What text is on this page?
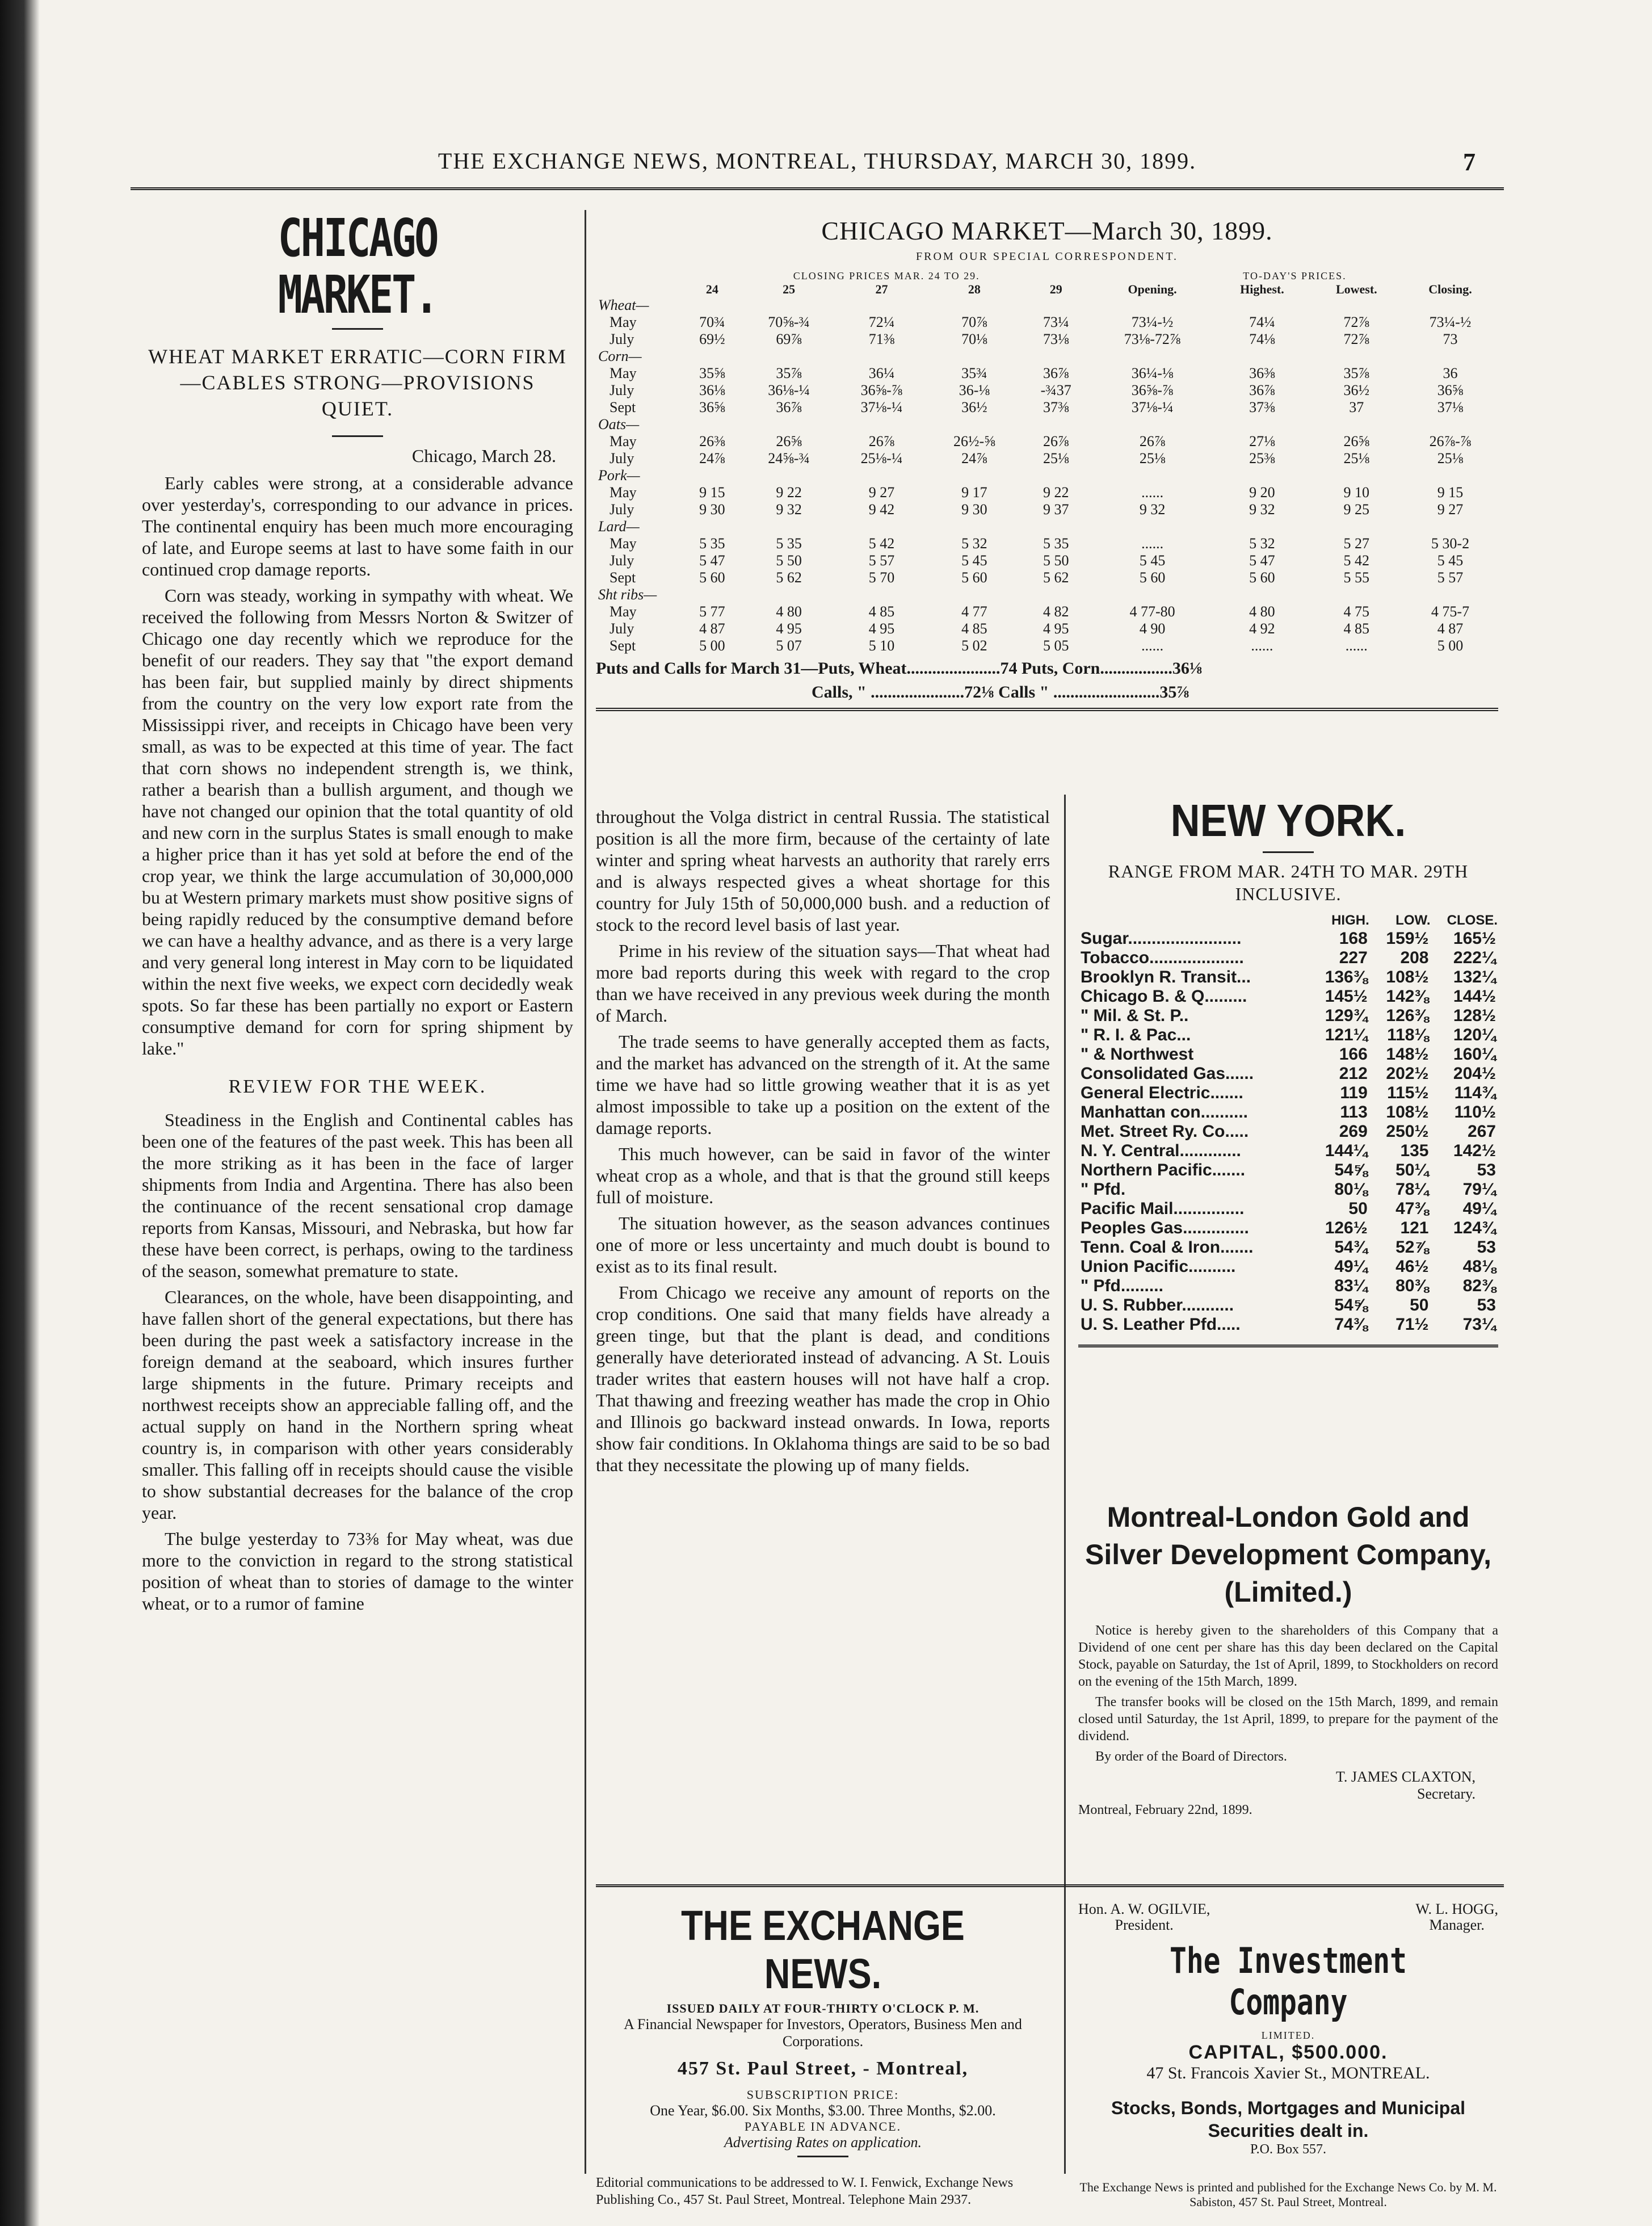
THE EXCHANGE NEWS, MONTREAL, THURSDAY, MARCH 30, 1899.	7
CHICAGO MARKET.
WHEAT MARKET ERRATIC—CORN FIRM—CABLES STRONG—PROVISIONS QUIET.
Chicago, March 28.

Early cables were strong, at a considerable advance over yesterday's, corresponding to our advance in prices. The continental enquiry has been much more encouraging of late, and Europe seems at last to have some faith in our continued crop damage reports.

Corn was steady, working in sympathy with wheat. We received the following from Messrs Norton & Switzer of Chicago one day recently which we reproduce for the benefit of our readers. They say that "the export demand has been fair, but supplied mainly by direct shipments from the country on the very low export rate from the Mississippi river, and receipts in Chicago have been very small, as was to be expected at this time of year. The fact that corn shows no independent strength is, we think, rather a bearish than a bullish argument, and though we have not changed our opinion that the total quantity of old and new corn in the surplus States is small enough to make a higher price than it has yet sold at before the end of the crop year, we think the large accumulation of 30,000,000 bu at Western primary markets must show positive signs of being rapidly reduced by the consumptive demand before we can have a healthy advance, and as there is a very large and very general long interest in May corn to be liquidated within the next five weeks, we expect corn decidedly weak spots. So far these has been partially no export or Eastern consumptive demand for corn for spring shipment by lake."

REVIEW FOR THE WEEK.

Steadiness in the English and Continental cables has been one of the features of the past week. This has been all the more striking as it has been in the face of larger shipments from India and Argentina. There has also been the continuance of the recent sensational crop damage reports from Kansas, Missouri, and Nebraska, but how far these have been correct, is perhaps, owing to the tardiness of the season, somewhat premature to state.

Clearances, on the whole, have been disappointing, and have fallen short of the general expectations, but there has been during the past week a satisfactory increase in the foreign demand at the seaboard, which insures further large shipments in the future. Primary receipts and northwest receipts show an appreciable falling off, and the actual supply on hand in the Northern spring wheat country is, in comparison with other years considerably smaller. This falling off in receipts should cause the visible to show substantial decreases for the balance of the crop year.

The bulge yesterday to 73⅜ for May wheat, was due more to the conviction in regard to the strong statistical position of wheat than to stories of damage to the winter wheat, or to a rumor of famine

CHICAGO MARKET—March 30, 1899.
FROM OUR SPECIAL CORRESPONDENT.
	CLOSING PRICES MAR. 24 TO 29.					TO-DAY'S PRICES.			
	24	25	27	28	29	Opening.	Highest.	Lowest.	Closing.
Wheat—									
May	70¾	70⅝-¾	72¼	70⅞	73¼	73¼-½	74¼	72⅞	73¼-½
July	69½	69⅞	71⅜	70⅛	73⅛	73⅛-72⅞	74⅛	72⅞	73
Corn—									
May	35⅝	35⅞	36¼	35¾	36⅞	36¼-⅛	36⅜	35⅞	36
July	36⅛	36⅛-¼	36⅝-⅞	36-⅛	-¾37	36⅝-⅞	36⅞	36½	36⅝
Sept	36⅝	36⅞	37⅛-¼	36½	37⅜	37⅛-¼	37⅜	37	37⅛
Oats—									
May	26⅜	26⅝	26⅞	26½-⅝	26⅞	26⅞	27⅛	26⅝	26⅞-⅞
July	24⅞	24⅝-¾	25⅛-¼	24⅞	25⅛	25⅛	25⅜	25⅛	25⅛
Pork—									
May	9 15	9 22	9 27	9 17	9 22	......	9 20	9 10	9 15
July	9 30	9 32	9 42	9 30	9 37	9 32	9 32	9 25	9 27
Lard—									
May	5 35	5 35	5 42	5 32	5 35	......	5 32	5 27	5 30-2
July	5 47	5 50	5 57	5 45	5 50	5 45	5 47	5 42	5 45
Sept	5 60	5 62	5 70	5 60	5 62	5 60	5 60	5 55	5 57
Sht ribs—									
May	5 77	4 80	4 85	4 77	4 82	4 77-80	4 80	4 75	4 75-7
July	4 87	4 95	4 95	4 85	4 95	4 90	4 92	4 85	4 87
Sept	5 00	5 07	5 10	5 02	5 05	......	......	......	5 00
Puts and Calls for March 31—Puts, Wheat......................74 Puts, Corn.................36⅛
Calls, " ......................72⅛ Calls " .........................35⅞

throughout the Volga district in central Russia. The statistical position is all the more firm, because of the certainty of late winter and spring wheat harvests an authority that rarely errs and is always respected gives a wheat shortage for this country for July 15th of 50,000,000 bush. and a reduction of stock to the record level basis of last year.

Prime in his review of the situation says—That wheat had more bad reports during this week with regard to the crop than we have received in any previous week during the month of March.

The trade seems to have generally accepted them as facts, and the market has advanced on the strength of it. At the same time we have had so little growing weather that it is as yet almost impossible to take up a position on the extent of the damage reports.

This much however, can be said in favor of the winter wheat crop as a whole, and that is that the ground still keeps full of moisture.

The situation however, as the season advances continues one of more or less uncertainty and much doubt is bound to exist as to its final result.

From Chicago we receive any amount of reports on the crop conditions. One said that many fields have already a green tinge, but that the plant is dead, and conditions generally have deteriorated instead of advancing. A St. Louis trader writes that eastern houses will not have half a crop. That thawing and freezing weather has made the crop in Ohio and Illinois go backward instead onwards. In Iowa, reports show fair conditions. In Oklahoma things are said to be so bad that they necessitate the plowing up of many fields.

NEW YORK.
RANGE FROM MAR. 24TH TO MAR. 29TH INCLUSIVE.
	HIGH.	LOW.	CLOSE.
Sugar........................	168	159½	165½
Tobacco....................	227	208	222¼
Brooklyn R. Transit...	136⅜	108½	132¼
Chicago B. & Q.........	145½	142⅜	144½
" Mil. & St. P..	129¾	126⅜	128½
" R. I. & Pac...	121¼	118⅛	120¼
" & Northwest	166	148½	160¼
Consolidated Gas......	212	202½	204½
General Electric.......	119	115½	114¾
Manhattan con..........	113	108½	110½
Met. Street Ry. Co.....	269	250½	267
N. Y. Central.............	144¼	135	142½
Northern Pacific.......	54⅝	50¼	53
" Pfd.	80⅛	78¼	79¼
Pacific Mail...............	50	47⅜	49¼
Peoples Gas..............	126½	121	124¾
Tenn. Coal & Iron.......	54¾	52⅞	53
Union Pacific..........	49¼	46½	48⅛
" Pfd.........	83¼	80⅜	82⅜
U. S. Rubber...........	54⅝	50	53
U. S. Leather Pfd.....	74⅜	71½	73¼
Montreal-London Gold and Silver Development Company, (Limited.)

Notice is hereby given to the shareholders of this Company that a Dividend of one cent per share has this day been declared on the Capital Stock, payable on Saturday, the 1st of April, 1899, to Stockholders on record on the evening of the 15th March, 1899.

The transfer books will be closed on the 15th March, 1899, and remain closed until Saturday, the 1st April, 1899, to prepare for the payment of the dividend.

By order of the Board of Directors.

T. JAMES CLAXTON,
Secretary.
Montreal, February 22nd, 1899.
THE EXCHANGE NEWS.
ISSUED DAILY AT FOUR-THIRTY O'CLOCK P. M.
A Financial Newspaper for Investors, Operators, Business Men and Corporations.
457 St. Paul Street, - Montreal,
SUBSCRIPTION PRICE:
One Year, $6.00. Six Months, $3.00. Three Months, $2.00.
PAYABLE IN ADVANCE.
Advertising Rates on application.
Editorial communications to be addressed to W. I. Fenwick, Exchange News Publishing Co., 457 St. Paul Street, Montreal. Telephone Main 2937.
Hon. A. W. OGILVIE,
President.
W. L. HOGG,
Manager.
The Investment Company
LIMITED.
CAPITAL, $500.000.
47 St. Francois Xavier St., MONTREAL.
Stocks, Bonds, Mortgages and Municipal Securities dealt in.
P.O. Box 557.
The Exchange News is printed and published for the Exchange News Co. by M. M. Sabiston, 457 St. Paul Street, Montreal.
